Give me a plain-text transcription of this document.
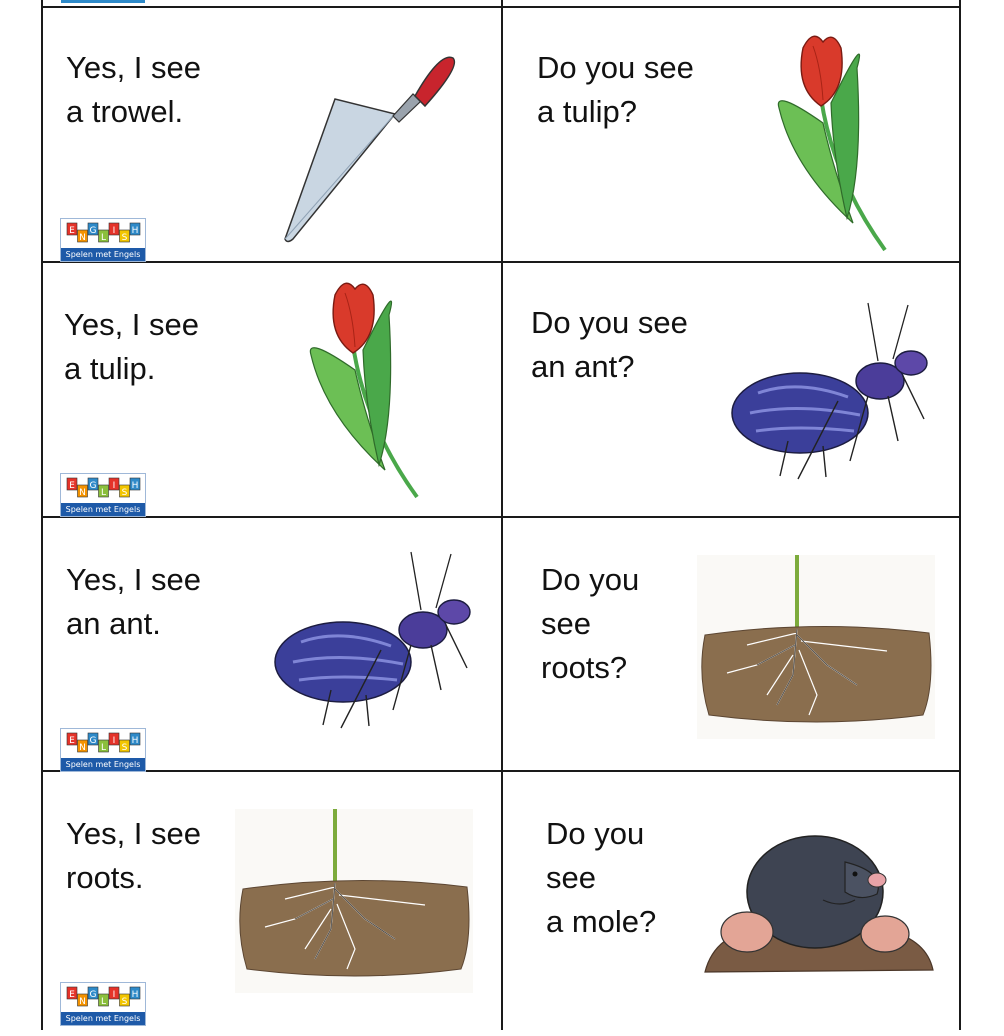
Yes, I see
a trowel.
E
N
G
L
I
S
H
Spelen met Engels
Do you see
a tulip?
Yes, I see
a tulip.
E
N
G
L
I
S
H
Spelen met Engels
Do you see
an ant?
Yes, I see
an ant.
E
N
G
L
I
S
H
Spelen met Engels
Do you
see
roots?
Yes, I see
roots.
E
N
G
L
I
S
H
Spelen met Engels
Do you
see
a mole?
